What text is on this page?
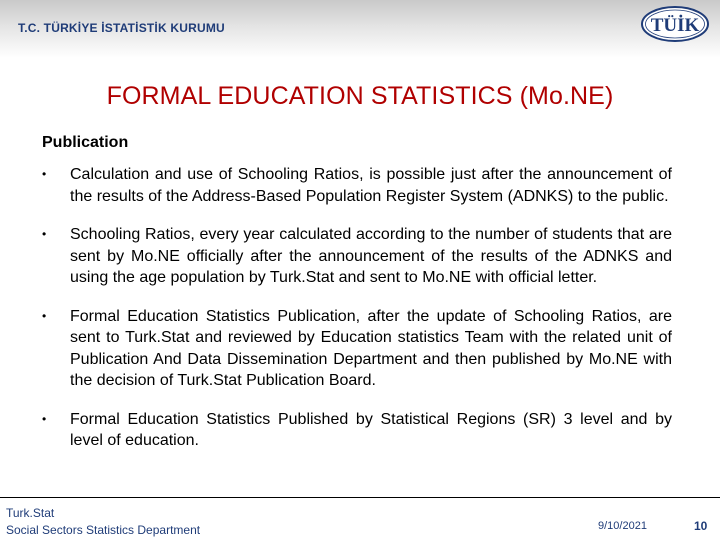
T.C. TÜRKİYE İSTATİSTİK KURUMU	TÜİK
FORMAL EDUCATION STATISTICS (Mo.NE)
Publication
• Calculation and use of Schooling Ratios, is possible just after the announcement of the results of the Address-Based Population Register System (ADNKS) to the public.
• Schooling Ratios, every year calculated according to the number of students that are sent by Mo.NE officially after the announcement of the results of the ADNKS and using the age population by Turk.Stat and sent to Mo.NE with official letter.
• Formal Education Statistics Publication, after the update of Schooling Ratios, are sent to Turk.Stat and reviewed by Education statistics Team with the related unit of Publication And Data Dissemination Department and then published by Mo.NE with the decision of Turk.Stat Publication Board.
• Formal Education Statistics Published by Statistical Regions (SR) 3 level and by level of education.
Turk.Stat
Social Sectors Statistics Department	9/10/2021	10
